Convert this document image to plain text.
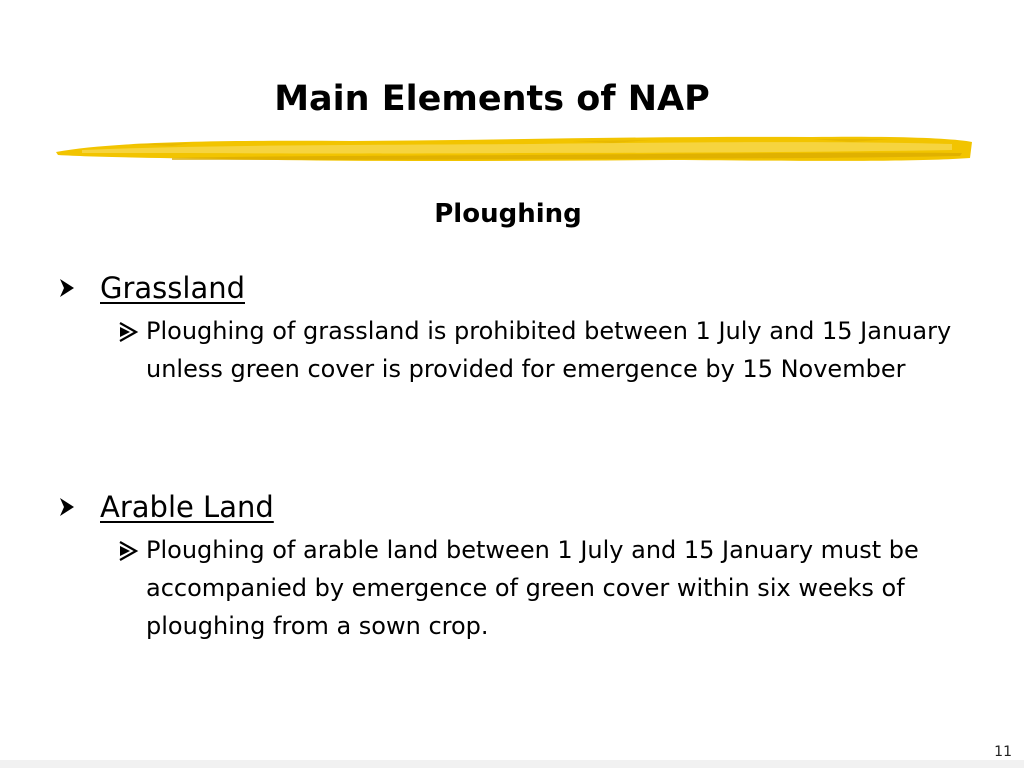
Main Elements of NAP
Ploughing
Grassland

Ploughing of grassland is prohibited between 1 July and 15 January unless green cover is provided for emergence by 15 November

Arable Land

Ploughing of arable land between 1 July and 15 January must be accompanied by emergence of green cover within six weeks of ploughing from a sown crop.

11
